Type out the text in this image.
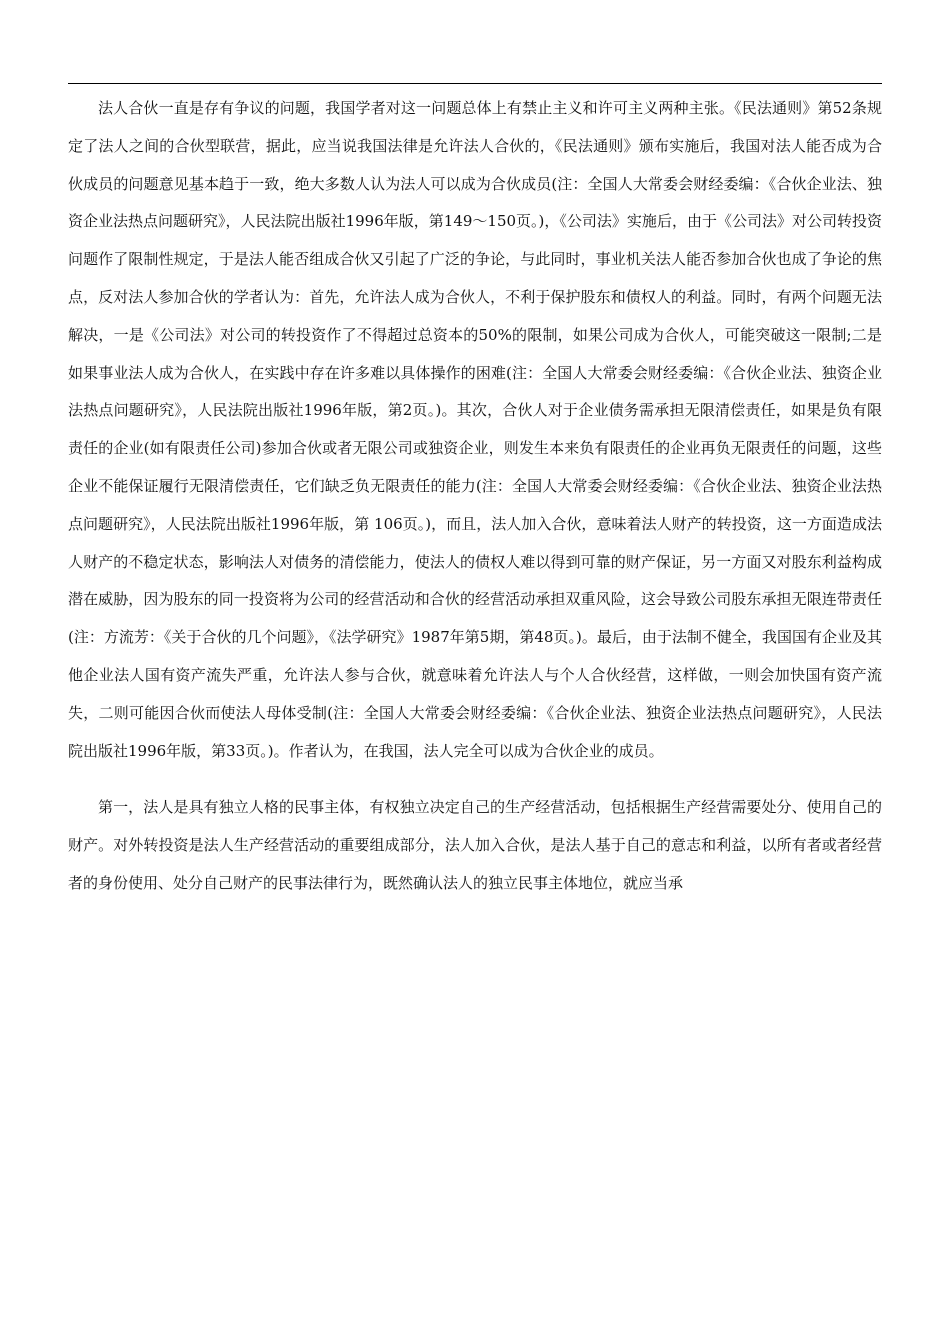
法人合伙一直是存有争议的问题，我国学者对这一问题总体上有禁止主义和许可主义两种主张。《民法通则》第52条规定了法人之间的合伙型联营，据此，应当说我国法律是允许法人合伙的，《民法通则》颁布实施后，我国对法人能否成为合伙成员的问题意见基本趋于一致，绝大多数人认为法人可以成为合伙成员(注：全国人大常委会财经委编：《合伙企业法、独资企业法热点问题研究》，人民法院出版社1996年版，第149～150页。)，《公司法》实施后，由于《公司法》对公司转投资问题作了限制性规定，于是法人能否组成合伙又引起了广泛的争论，与此同时，事业机关法人能否参加合伙也成了争论的焦点，反对法人参加合伙的学者认为：首先，允许法人成为合伙人，不利于保护股东和债权人的利益。同时，有两个问题无法解决，一是《公司法》对公司的转投资作了不得超过总资本的50%的限制，如果公司成为合伙人，可能突破这一限制;二是如果事业法人成为合伙人，在实践中存在许多难以具体操作的困难(注：全国人大常委会财经委编：《合伙企业法、独资企业法热点问题研究》，人民法院出版社1996年版，第2页。)。其次，合伙人对于企业债务需承担无限清偿责任，如果是负有限责任的企业(如有限责任公司)参加合伙或者无限公司或独资企业，则发生本来负有限责任的企业再负无限责任的问题，这些企业不能保证履行无限清偿责任，它们缺乏负无限责任的能力(注：全国人大常委会财经委编：《合伙企业法、独资企业法热点问题研究》，人民法院出版社1996年版，第 106页。)，而且，法人加入合伙，意味着法人财产的转投资，这一方面造成法人财产的不稳定状态，影响法人对债务的清偿能力，使法人的债权人难以得到可靠的财产保证，另一方面又对股东利益构成潜在威胁，因为股东的同一投资将为公司的经营活动和合伙的经营活动承担双重风险，这会导致公司股东承担无限连带责任(注：方流芳：《关于合伙的几个问题》，《法学研究》1987年第5期，第48页。)。最后，由于法制不健全，我国国有企业及其他企业法人国有资产流失严重，允许法人参与合伙，就意味着允许法人与个人合伙经营，这样做，一则会加快国有资产流失，二则可能因合伙而使法人母体受制(注：全国人大常委会财经委编：《合伙企业法、独资企业法热点问题研究》，人民法院出版社1996年版，第33页。)。作者认为，在我国，法人完全可以成为合伙企业的成员。

第一，法人是具有独立人格的民事主体，有权独立决定自己的生产经营活动，包括根据生产经营需要处分、使用自己的财产。对外转投资是法人生产经营活动的重要组成部分，法人加入合伙，是法人基于自己的意志和利益，以所有者或者经营者的身份使用、处分自己财产的民事法律行为，既然确认法人的独立民事主体地位，就应当承
